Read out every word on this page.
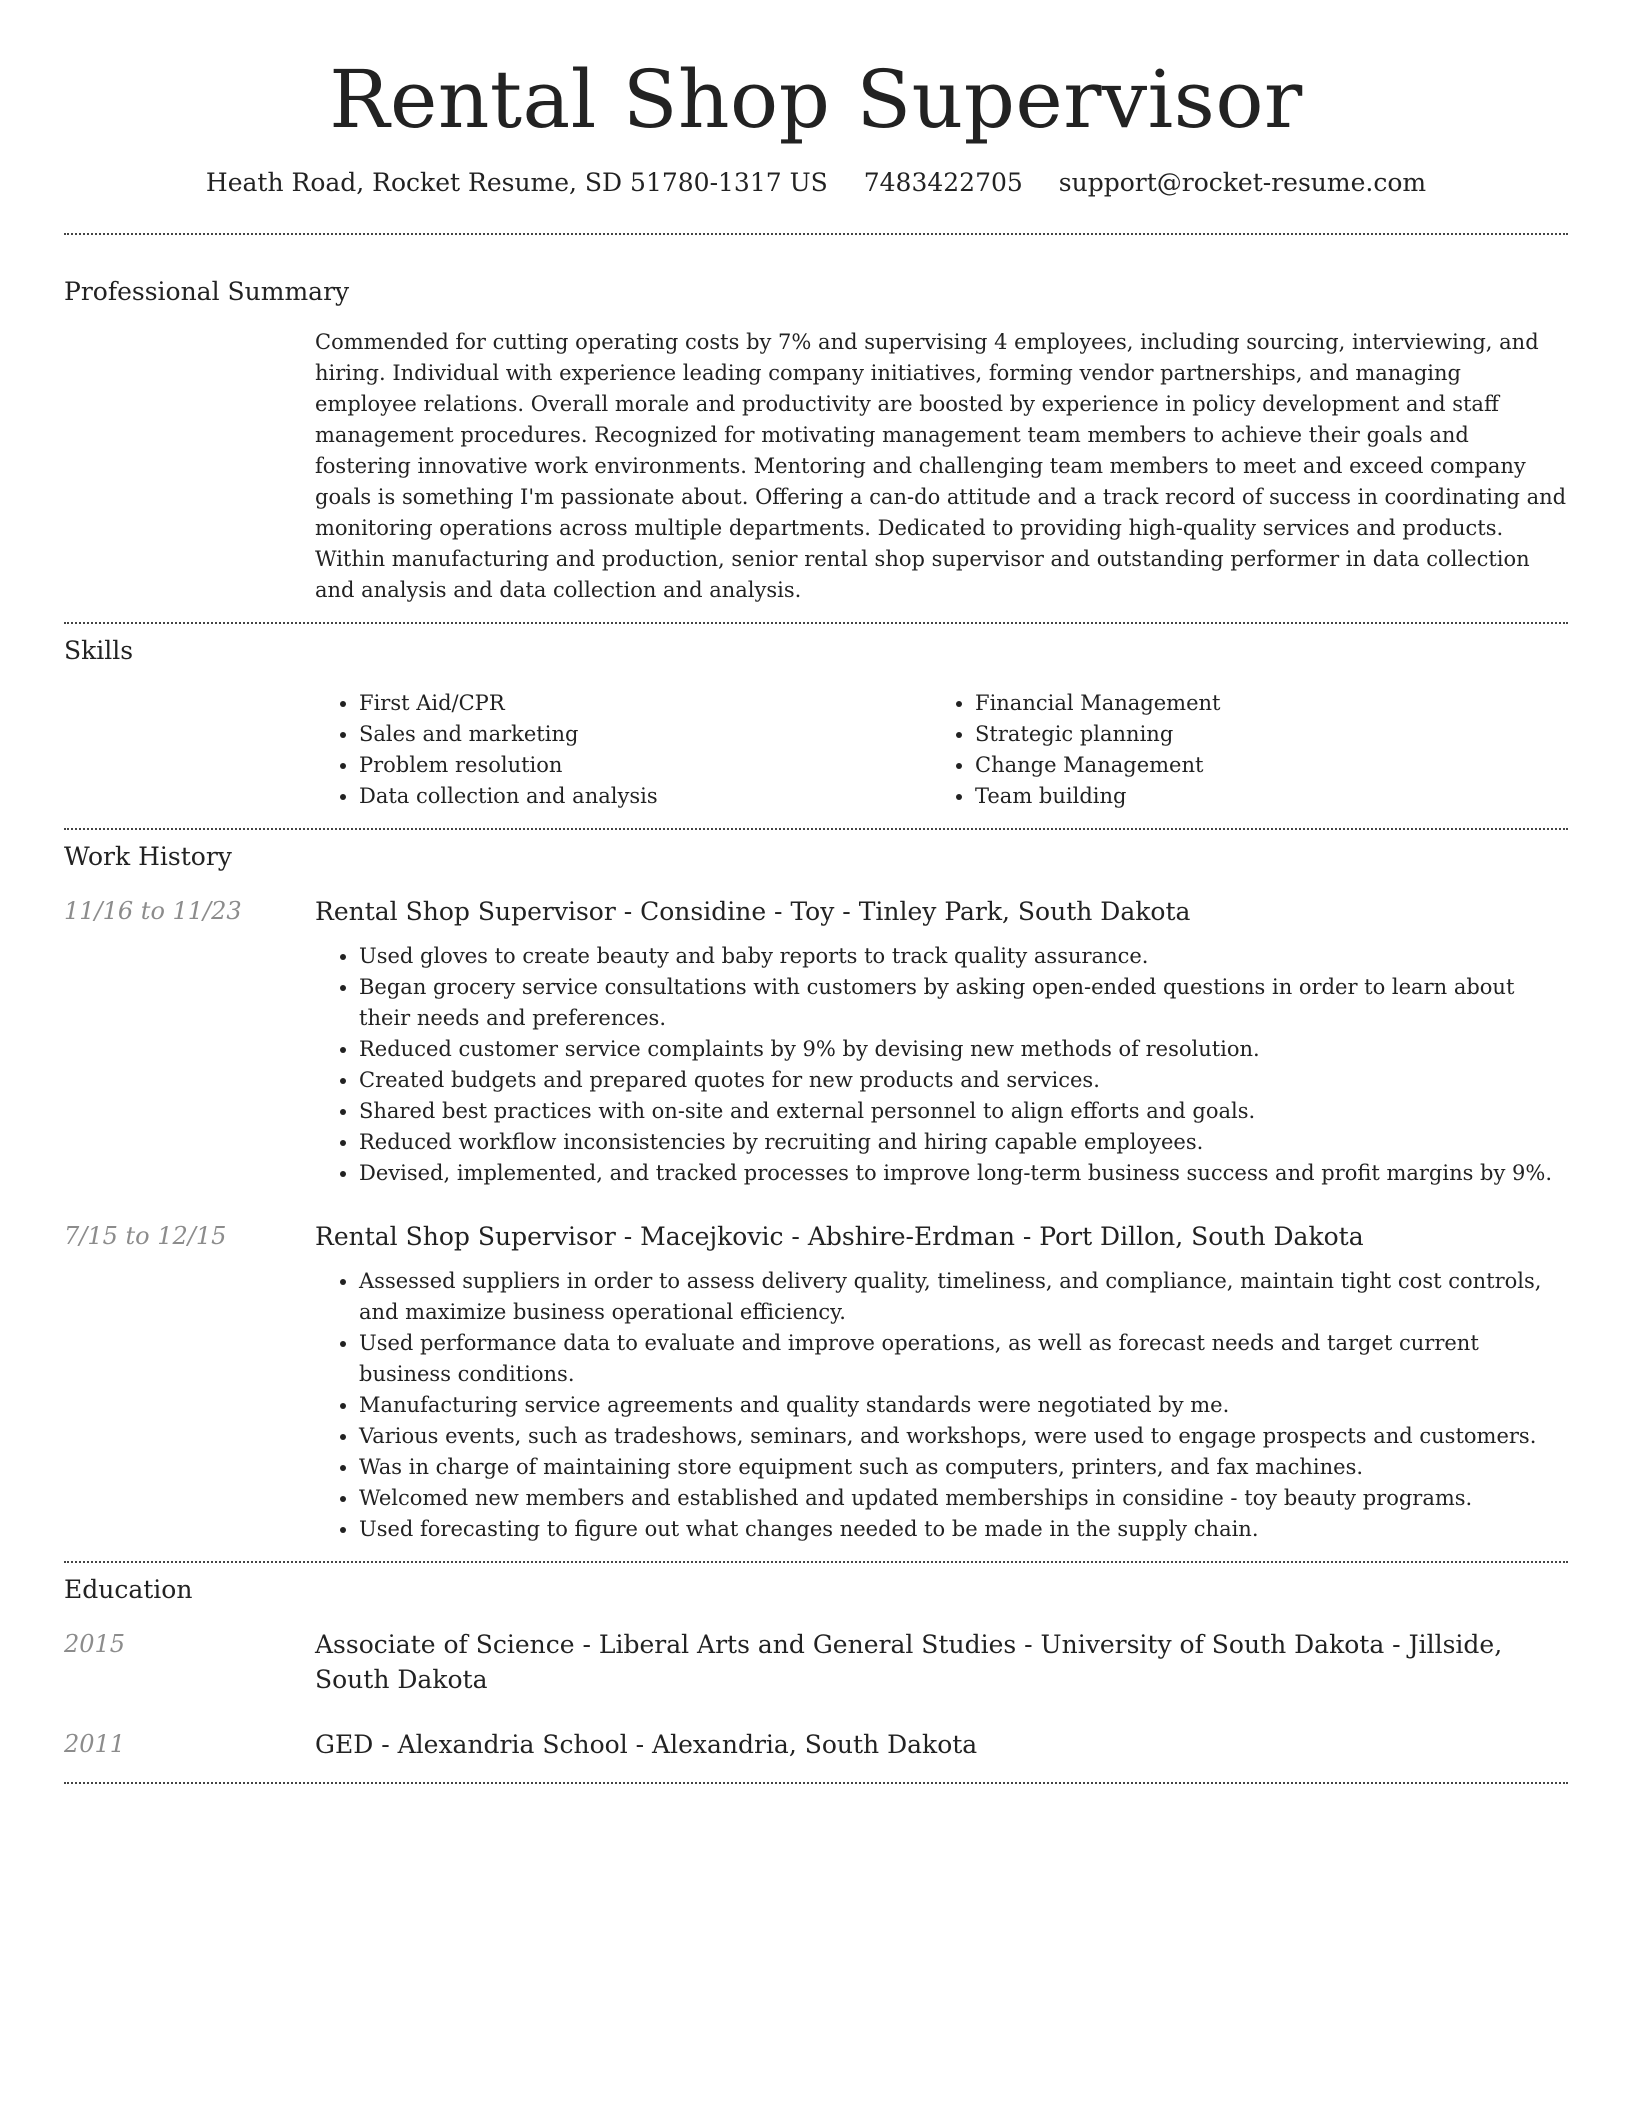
Rental Shop Supervisor
Heath Road, Rocket Resume, SD 51780-1317 US 7483422705 support@rocket-resume.com
Professional Summary

Commended for cutting operating costs by 7% and supervising 4 employees, including sourcing, interviewing, and hiring. Individual with experience leading company initiatives, forming vendor partnerships, and managing employee relations. Overall morale and productivity are boosted by experience in policy development and staff management procedures. Recognized for motivating management team members to achieve their goals and fostering innovative work environments. Mentoring and challenging team members to meet and exceed company goals is something I'm passionate about. Offering a can-do attitude and a track record of success in coordinating and monitoring operations across multiple departments. Dedicated to providing high-quality services and products. Within manufacturing and production, senior rental shop supervisor and outstanding performer in data collection and analysis and data collection and analysis.

Skills
• First Aid/CPR
• Sales and marketing
• Problem resolution
• Data collection and analysis
• Financial Management
• Strategic planning
• Change Management
• Team building
Work History
11/16 to 11/23	Rental Shop Supervisor - Considine - Toy - Tinley Park, South Dakota
• Used gloves to create beauty and baby reports to track quality assurance.
• Began grocery service consultations with customers by asking open-ended questions in order to learn about their needs and preferences.
• Reduced customer service complaints by 9% by devising new methods of resolution.
• Created budgets and prepared quotes for new products and services.
• Shared best practices with on-site and external personnel to align efforts and goals.
• Reduced workflow inconsistencies by recruiting and hiring capable employees.
• Devised, implemented, and tracked processes to improve long-term business success and profit margins by 9%.
7/15 to 12/15	Rental Shop Supervisor - Macejkovic - Abshire-Erdman - Port Dillon, South Dakota
• Assessed suppliers in order to assess delivery quality, timeliness, and compliance, maintain tight cost controls, and maximize business operational efficiency.
• Used performance data to evaluate and improve operations, as well as forecast needs and target current business conditions.
• Manufacturing service agreements and quality standards were negotiated by me.
• Various events, such as tradeshows, seminars, and workshops, were used to engage prospects and customers.
• Was in charge of maintaining store equipment such as computers, printers, and fax machines.
• Welcomed new members and established and updated memberships in considine - toy beauty programs.
• Used forecasting to figure out what changes needed to be made in the supply chain.
Education
2015	Associate of Science - Liberal Arts and General Studies - University of South Dakota - Jillside, South Dakota
2011	GED - Alexandria School - Alexandria, South Dakota
